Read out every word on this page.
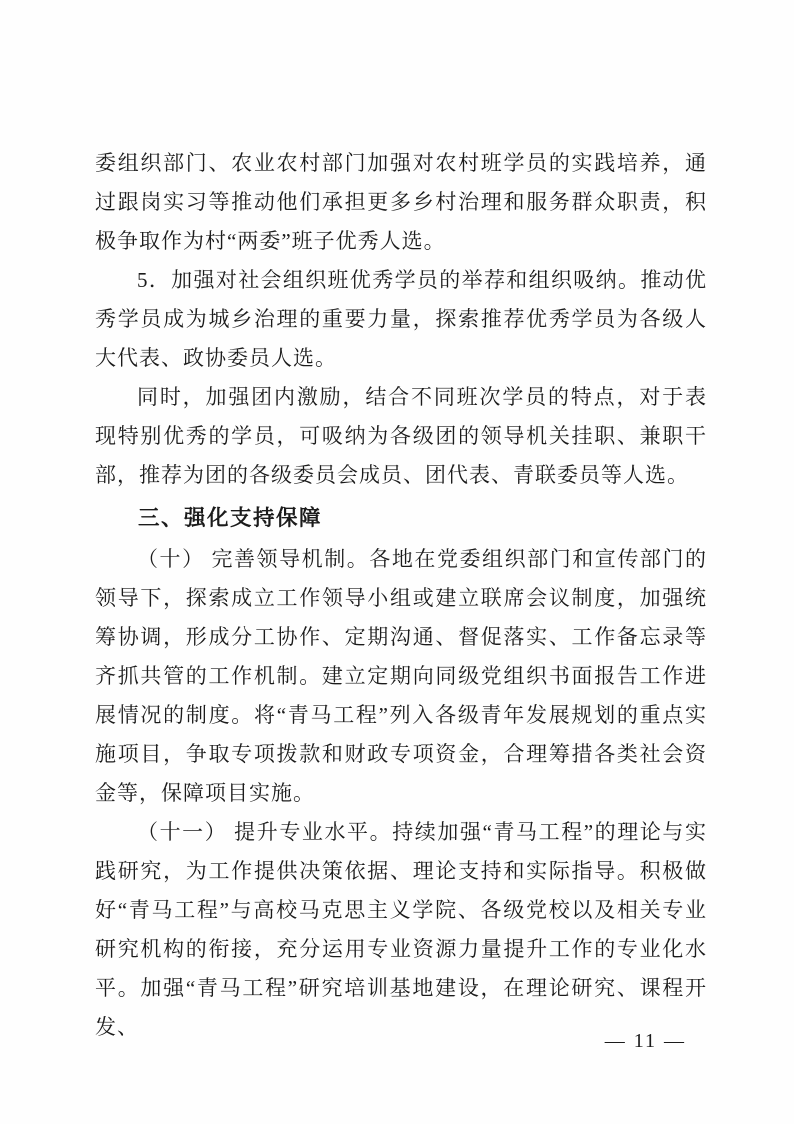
委组织部门、农业农村部门加强对农村班学员的实践培养，通过跟岗实习等推动他们承担更多乡村治理和服务群众职责，积极争取作为村“两委”班子优秀人选。

5．加强对社会组织班优秀学员的举荐和组织吸纳。推动优秀学员成为城乡治理的重要力量，探索推荐优秀学员为各级人大代表、政协委员人选。

同时，加强团内激励，结合不同班次学员的特点，对于表现特别优秀的学员，可吸纳为各级团的领导机关挂职、兼职干部，推荐为团的各级委员会成员、团代表、青联委员等人选。

三、强化支持保障

（十） 完善领导机制。各地在党委组织部门和宣传部门的领导下，探索成立工作领导小组或建立联席会议制度，加强统筹协调，形成分工协作、定期沟通、督促落实、工作备忘录等齐抓共管的工作机制。建立定期向同级党组织书面报告工作进展情况的制度。将“青马工程”列入各级青年发展规划的重点实施项目，争取专项拨款和财政专项资金，合理筹措各类社会资金等，保障项目实施。

（十一） 提升专业水平。持续加强“青马工程”的理论与实践研究，为工作提供决策依据、理论支持和实际指导。积极做好“青马工程”与高校马克思主义学院、各级党校以及相关专业研究机构的衔接，充分运用专业资源力量提升工作的专业化水平。加强“青马工程”研究培训基地建设，在理论研究、课程开发、

— 11 —
